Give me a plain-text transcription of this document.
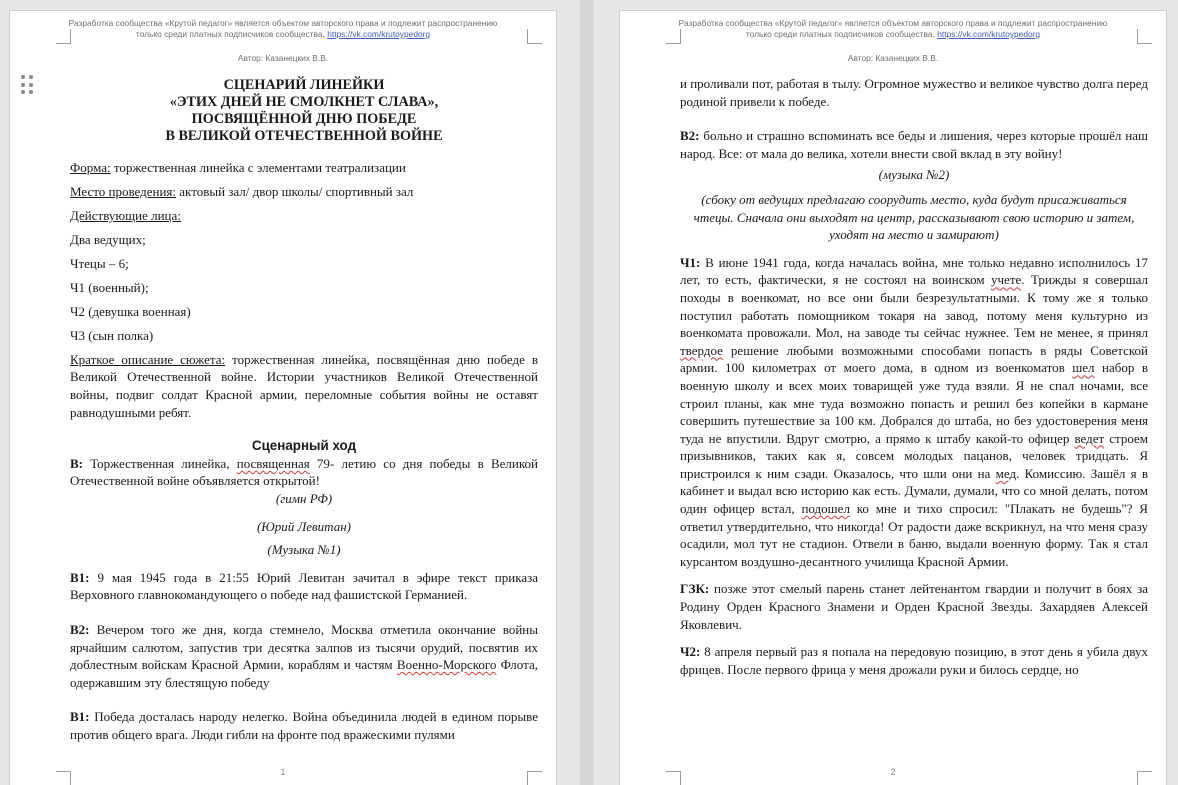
Разработка сообщества «Крутой педагог» является объектом авторского права и подлежит распространению
только среди платных подписчиков сообщества. https://vk.com/krutoypedorg
Автор: Казанецких В.В.

СЦЕНАРИЙ ЛИНЕЙКИ
«ЭТИХ ДНЕЙ НЕ СМОЛКНЕТ СЛАВА»,
ПОСВЯЩЁННОЙ ДНЮ ПОБЕДЕ
В ВЕЛИКОЙ ОТЕЧЕСТВЕННОЙ ВОЙНЕ

Форма: торжественная линейка с элементами театрализации

Место проведения: актовый зал/ двор школы/ спортивный зал

Действующие лица:

Два ведущих;

Чтецы – 6;

Ч1 (военный);

Ч2 (девушка военная)

Ч3 (сын полка)

Краткое описание сюжета: торжественная линейка, посвящённая дню победе в Великой Отечественной войне. Истории участников Великой Отечественной войны, подвиг солдат Красной армии, переломные события войны не оставят равнодушными ребят.

Сценарный ход

В: Торжественная линейка, посвященная 79- летию со дня победы в Великой Отечественной войне объявляется открытой!

(гимн РФ)

(Юрий Левитан)

(Музыка №1)

В1: 9 мая 1945 года в 21:55 Юрий Левитан зачитал в эфире текст приказа Верховного главнокомандующего о победе над фашистской Германией.

В2: Вечером того же дня, когда стемнело, Москва отметила окончание войны ярчайшим салютом, запустив три десятка залпов из тысячи орудий, посвятив их доблестным войскам Красной Армии, кораблям и частям Военно-Морского Флота, одержавшим эту блестящую победу

В1: Победа досталась народу нелегко. Война объединила людей в едином порыве против общего врага. Люди гибли на фронте под вражескими пулями

1
Разработка сообщества «Крутой педагог» является объектом авторского права и подлежит распространению
только среди платных подписчиков сообщества. https://vk.com/krutoypedorg
Автор: Казанецких В.В.

и проливали пот, работая в тылу. Огромное мужество и великое чувство долга перед родиной привели к победе.

В2: больно и страшно вспоминать все беды и лишения, через которые прошёл наш народ. Все: от мала до велика, хотели внести свой вклад в эту войну!

(музыка №2)

(сбоку от ведущих предлагаю соорудить место, куда будут присаживаться чтецы. Сначала они выходят на центр, рассказывают свою историю и затем, уходят на место и замирают)

Ч1: В июне 1941 года, когда началась война, мне только недавно исполнилось 17 лет, то есть, фактически, я не состоял на воинском учете. Трижды я совершал походы в военкомат, но все они были безрезультатными. К тому же я только поступил работать помощником токаря на завод, потому меня культурно из военкомата провожали. Мол, на заводе ты сейчас нужнее. Тем не менее, я принял твердое решение любыми возможными способами попасть в ряды Советской армии. 100 километрах от моего дома, в одном из военкоматов шел набор в военную школу и всех моих товарищей уже туда взяли. Я не спал ночами, все строил планы, как мне туда возможно попасть и решил без копейки в кармане совершить путешествие за 100 км. Добрался до штаба, но без удостоверения меня туда не впустили. Вдруг смотрю, а прямо к штабу какой-то офицер ведет строем призывников, таких как я, совсем молодых пацанов, человек тридцать. Я пристроился к ним сзади. Оказалось, что шли они на мед. Комиссию. Зашёл я в кабинет и выдал всю историю как есть. Думали, думали, что со мной делать, потом один офицер встал, подошел ко мне и тихо спросил: "Плакать не будешь"? Я ответил утвердительно, что никогда! От радости даже вскрикнул, на что меня сразу осадили, мол тут не стадион. Отвели в баню, выдали военную форму. Так я стал курсантом воздушно-десантного училища Красной Армии.

ГЗК: позже этот смелый парень станет лейтенантом гвардии и получит в боях за Родину Орден Красного Знамени и Орден Красной Звезды. Захардяев Алексей Яковлевич.

Ч2: 8 апреля первый раз я попала на передовую позицию, в этот день я убила двух фрицев. После первого фрица у меня дрожали руки и билось сердце, но

2
